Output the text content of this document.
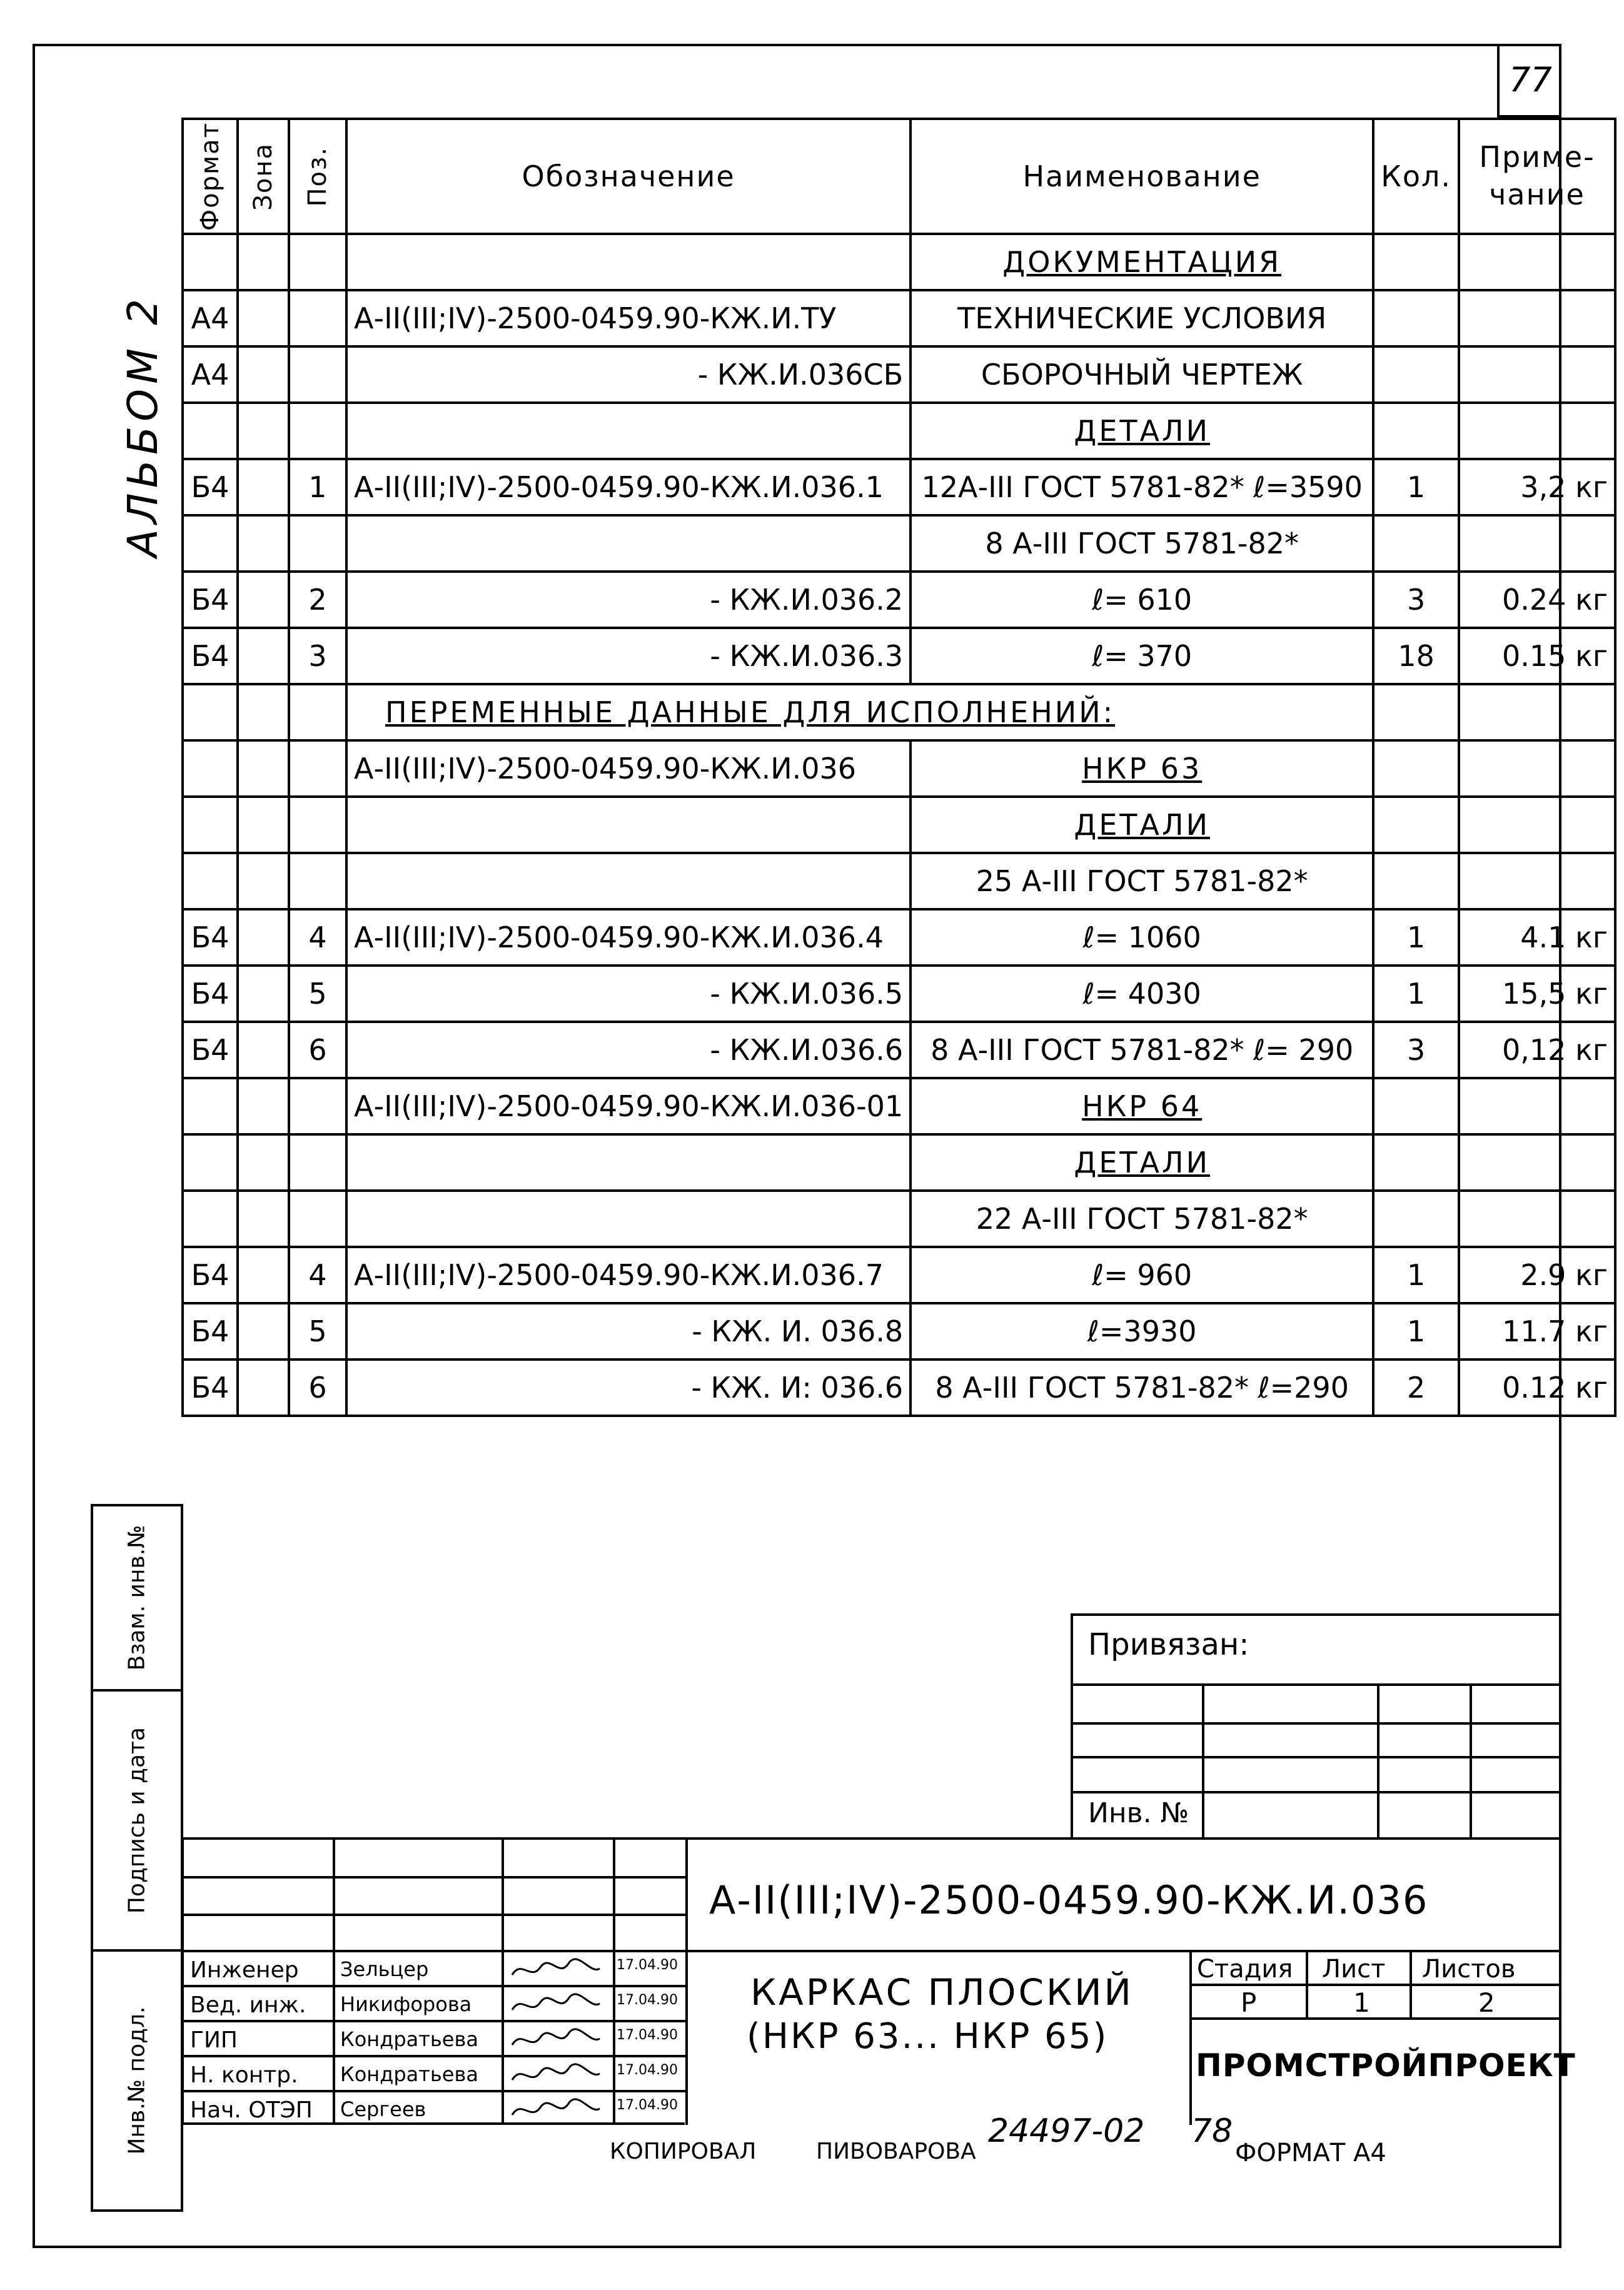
77
АЛЬБОМ 2
Формат	Зона	Поз.	Обозначение	Наименование	Кол.	Приме-
чание
				ДОКУМЕНТАЦИЯ		
А4			А-II(III;IV)-2500-0459.90-КЖ.И.ТУ	ТЕХНИЧЕСКИЕ УСЛОВИЯ		
А4			- КЖ.И.036СБ	СБОРОЧНЫЙ ЧЕРТЕЖ		
				ДЕТАЛИ		
Б4		1	А-II(III;IV)-2500-0459.90-КЖ.И.036.1	12А-III ГОСТ 5781-82* ℓ=3590	1	3,2 кг
				8 А-III ГОСТ 5781-82*		
Б4		2	- КЖ.И.036.2	ℓ= 610	3	0.24 кг
Б4		3	- КЖ.И.036.3	ℓ= 370	18	0.15 кг
			ПЕРЕМЕННЫЕ ДАННЫЕ ДЛЯ ИСПОЛНЕНИЙ:			
			А-II(III;IV)-2500-0459.90-КЖ.И.036	НКР 63		
				ДЕТАЛИ		
				25 А-III ГОСТ 5781-82*		
Б4		4	А-II(III;IV)-2500-0459.90-КЖ.И.036.4	ℓ= 1060	1	4.1 кг
Б4		5	- КЖ.И.036.5	ℓ= 4030	1	15,5 кг
Б4		6	- КЖ.И.036.6	8 А-III ГОСТ 5781-82* ℓ= 290	3	0,12 кг
			А-II(III;IV)-2500-0459.90-КЖ.И.036-01	НКР 64		
				ДЕТАЛИ		
				22 А-III ГОСТ 5781-82*		
Б4		4	А-II(III;IV)-2500-0459.90-КЖ.И.036.7	ℓ= 960	1	2.9 кг
Б4		5	- КЖ. И. 036.8	ℓ=3930	1	11.7 кг
Б4		6	- КЖ. И: 036.6	8 А-III ГОСТ 5781-82* ℓ=290	2	0.12 кг
Взам. инв.№
Подпись и дата
Инв.№ подл.
Привязан:
Инв. №
Инженер Зельцер	17.04.90
Вед. инж. Никифорова	17.04.90
ГИП	Кондратьева	17.04.90
Н. контр. Кондратьева	17.04.90
Нач. ОТЭП Сергеев	17.04.90
А-II(III;IV)-2500-0459.90-КЖ.И.036
КАРКАС ПЛОСКИЙ
(НКР 63... НКР 65)
Стадия Лист Листов
Р	1	2
ПРОМСТРОЙПРОЕКТ
КОПИРОВАЛ	ПИВОВАРОВА
24497-02 78
ФОРМАТ А4
